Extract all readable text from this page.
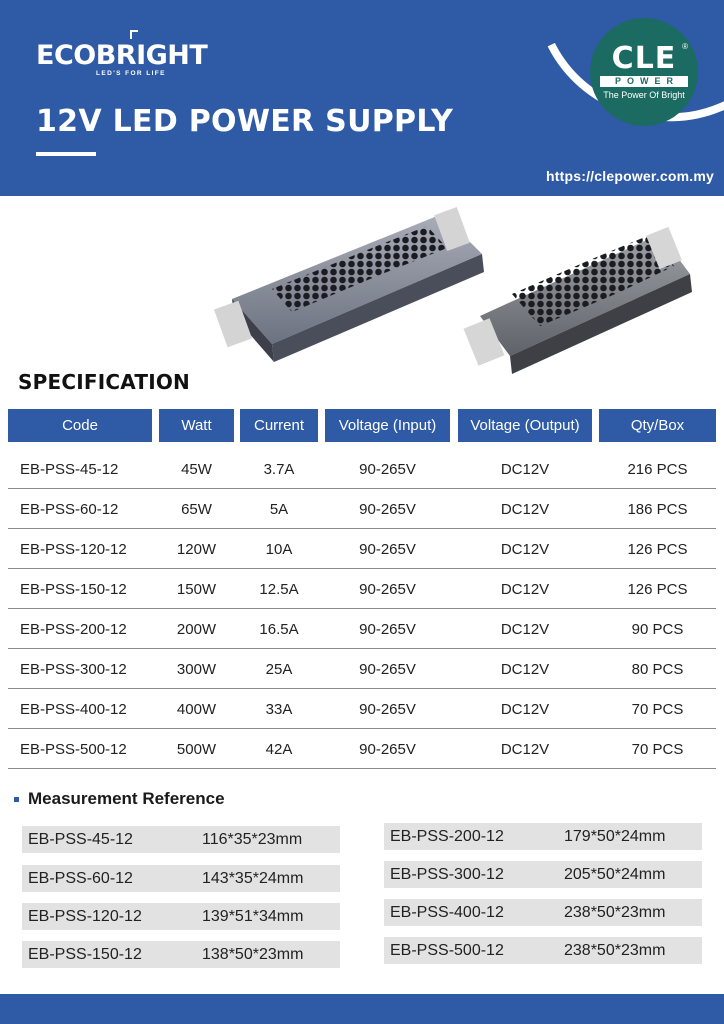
ECOBRIGHT
LED'S FOR LIFE
12V LED POWER SUPPLY
CLE ®
POWER
The Power Of Bright
https://clepower.com.my
SPECIFICATION
Code	Watt	Current	Voltage (Input)	Voltage (Output)	Qty/Box
EB-PSS-45-12	45W	3.7A	90-265V	DC12V	216 PCS
EB-PSS-60-12	65W	5A	90-265V	DC12V	186 PCS
EB-PSS-120-12	120W	10A	90-265V	DC12V	126 PCS
EB-PSS-150-12	150W	12.5A	90-265V	DC12V	126 PCS
EB-PSS-200-12	200W	16.5A	90-265V	DC12V	90 PCS
EB-PSS-300-12	300W	25A	90-265V	DC12V	80 PCS
EB-PSS-400-12	400W	33A	90-265V	DC12V	70 PCS
EB-PSS-500-12	500W	42A	90-265V	DC12V	70 PCS
Measurement Reference
EB-PSS-45-12	116*35*23mm
EB-PSS-60-12	143*35*24mm
EB-PSS-120-12	139*51*34mm
EB-PSS-150-12	138*50*23mm
EB-PSS-200-12	179*50*24mm
EB-PSS-300-12	205*50*24mm
EB-PSS-400-12	238*50*23mm
EB-PSS-500-12	238*50*23mm
